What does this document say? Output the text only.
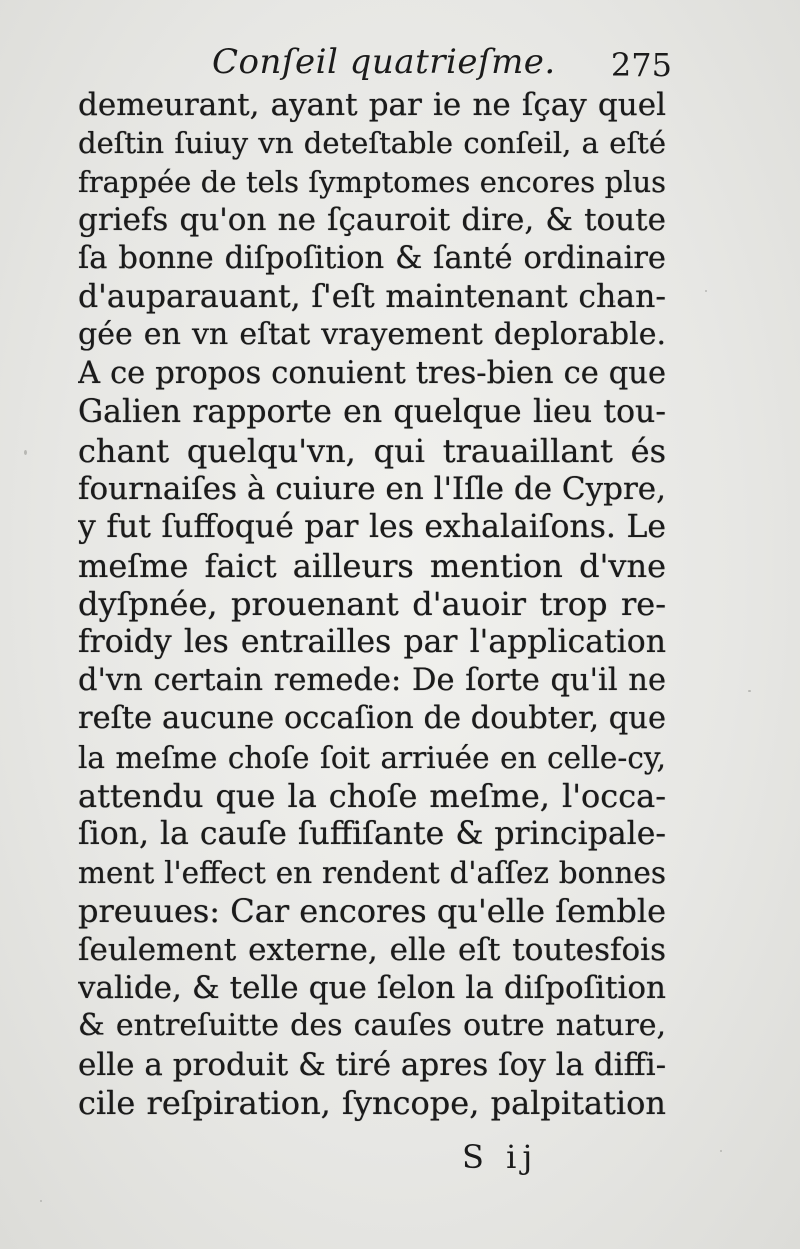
Conſeil quatrieſme. 275
demeurant, ayant par ie ne ſçay quel
deſtin ſuiuy vn deteſtable conſeil, a eſté
frappée de tels ſymptomes encores plus
griefs qu'on ne ſçauroit dire, & toute
ſa bonne diſpoſition & ſanté ordinaire
d'auparauant, ſ'eſt maintenant chan-
gée en vn eſtat vrayement deplorable.
A ce propos conuient tres-bien ce que
Galien rapporte en quelque lieu tou-
chant quelqu'vn, qui trauaillant és
fournaiſes à cuiure en l'Iſle de Cypre,
y fut ſuffoqué par les exhalaiſons. Le
meſme faict ailleurs mention d'vne
dyſpnée, prouenant d'auoir trop re-
froidy les entrailles par l'application
d'vn certain remede: De ſorte qu'il ne
reſte aucune occaſion de doubter, que
la meſme choſe ſoit arriuée en celle-cy,
attendu que la choſe meſme, l'occa-
ſion, la cauſe ſuffiſante & principale-
ment l'effect en rendent d'aſſez bonnes
preuues: Car encores qu'elle ſemble
ſeulement externe, elle eſt toutesfois
valide, & telle que ſelon la diſpoſition
& entreſuitte des cauſes outre nature,
elle a produit & tiré apres ſoy la diffi-
cile reſpiration, ſyncope, palpitation
S ij
